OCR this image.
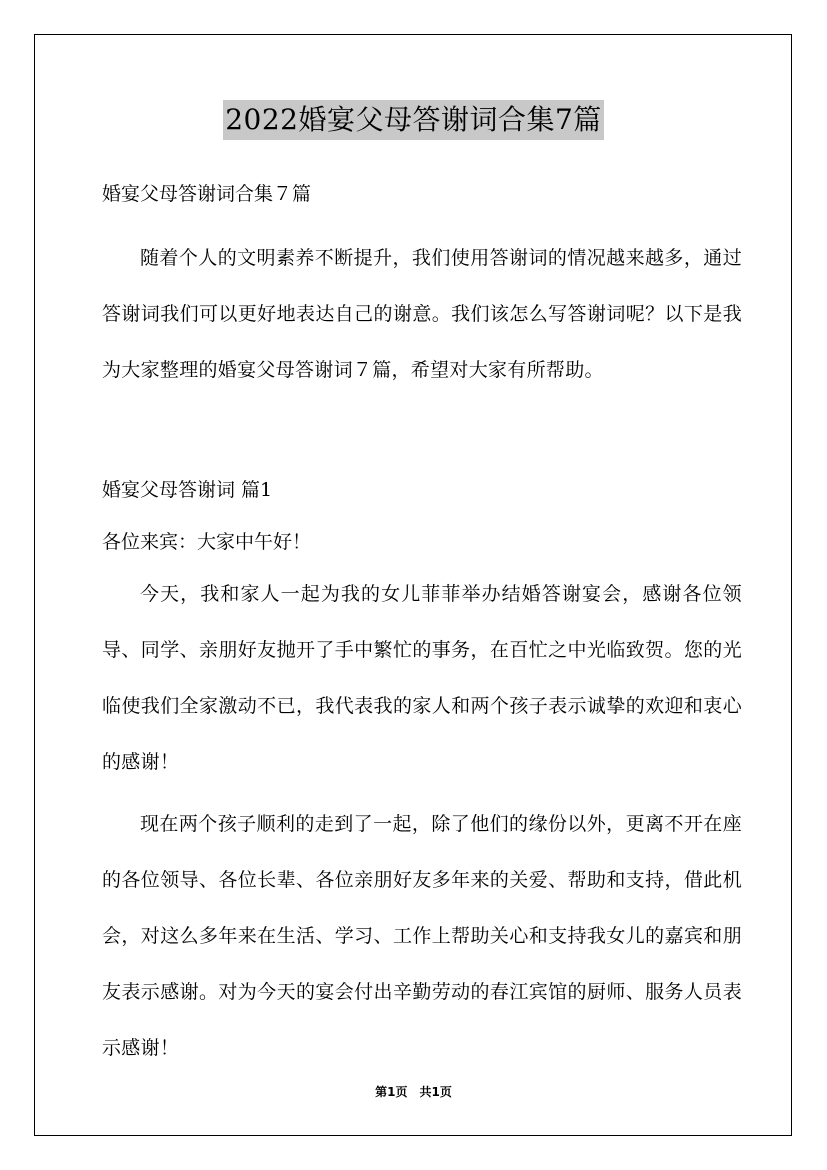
2022婚宴父母答谢词合集7篇
婚宴父母答谢词合集７篇
随着个人的文明素养不断提升，我们使用答谢词的情况越来越多，通过答谢词我们可以更好地表达自己的谢意。我们该怎么写答谢词呢？以下是我为大家整理的婚宴父母答谢词７篇，希望对大家有所帮助。
婚宴父母答谢词 篇1
各位来宾：大家中午好！
今天，我和家人一起为我的女儿菲菲举办结婚答谢宴会，感谢各位领导、同学、亲朋好友抛开了手中繁忙的事务，在百忙之中光临致贺。您的光临使我们全家激动不已，我代表我的家人和两个孩子表示诚挚的欢迎和衷心的感谢！
现在两个孩子顺利的走到了一起，除了他们的缘份以外，更离不开在座的各位领导、各位长辈、各位亲朋好友多年来的关爱、帮助和支持，借此机会，对这么多年来在生活、学习、工作上帮助关心和支持我女儿的嘉宾和朋友表示感谢。对为今天的宴会付出辛勤劳动的春江宾馆的厨师、服务人员表示感谢！
第1页　共1页
